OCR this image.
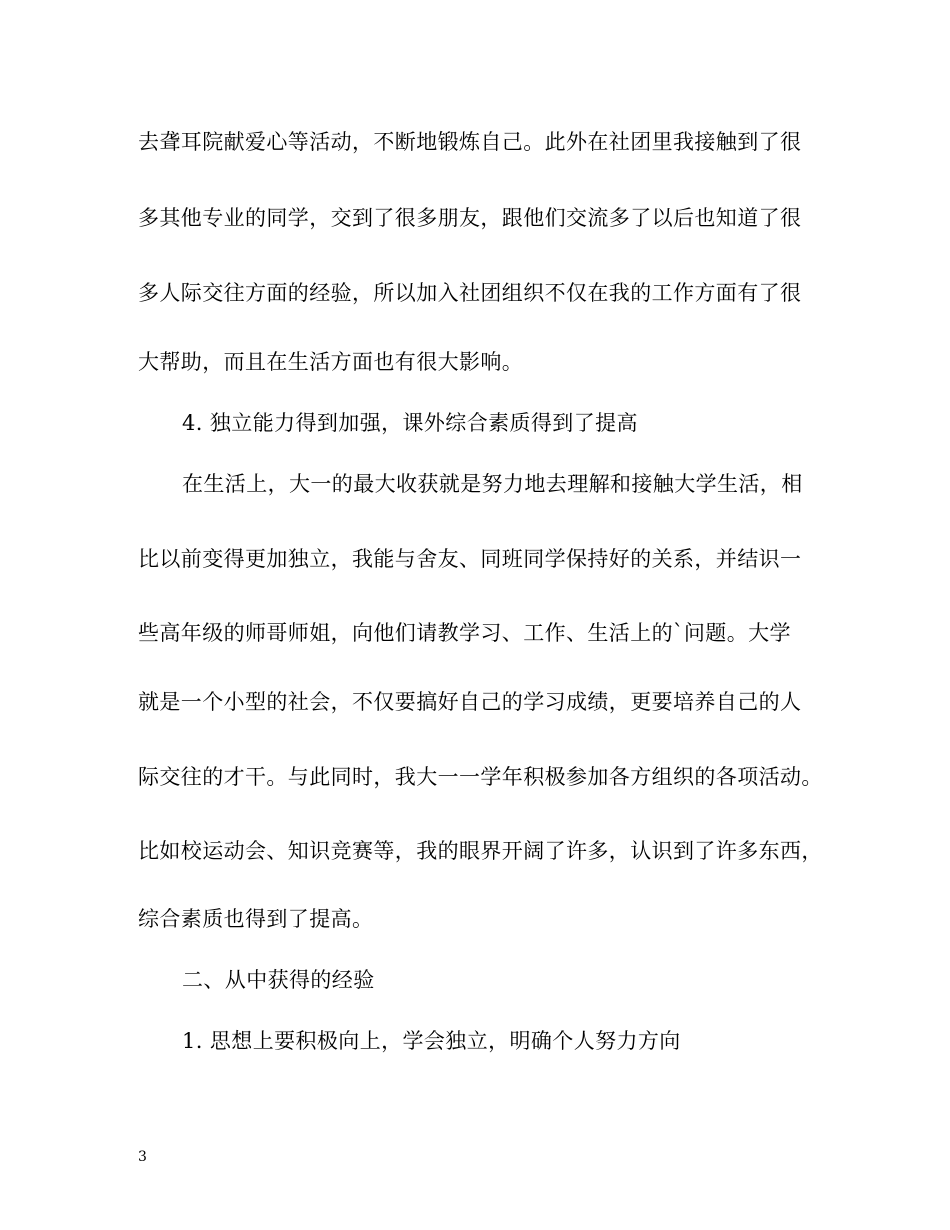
去聋耳院献爱心等活动，不断地锻炼自己。此外在社团里我接触到了很
多其他专业的同学，交到了很多朋友，跟他们交流多了以后也知道了很
多人际交往方面的经验，所以加入社团组织不仅在我的工作方面有了很
大帮助，而且在生活方面也有很大影响。
4. 独立能力得到加强，课外综合素质得到了提高
在生活上，大一的最大收获就是努力地去理解和接触大学生活，相
比以前变得更加独立，我能与舍友、同班同学保持好的关系，并结识一
些高年级的师哥师姐，向他们请教学习、工作、生活上的`问题。大学
就是一个小型的社会，不仅要搞好自己的学习成绩，更要培养自己的人
际交往的才干。与此同时，我大一一学年积极参加各方组织的各项活动。
比如校运动会、知识竞赛等，我的眼界开阔了许多，认识到了许多东西，
综合素质也得到了提高。
二、从中获得的经验
1. 思想上要积极向上，学会独立，明确个人努力方向
3
